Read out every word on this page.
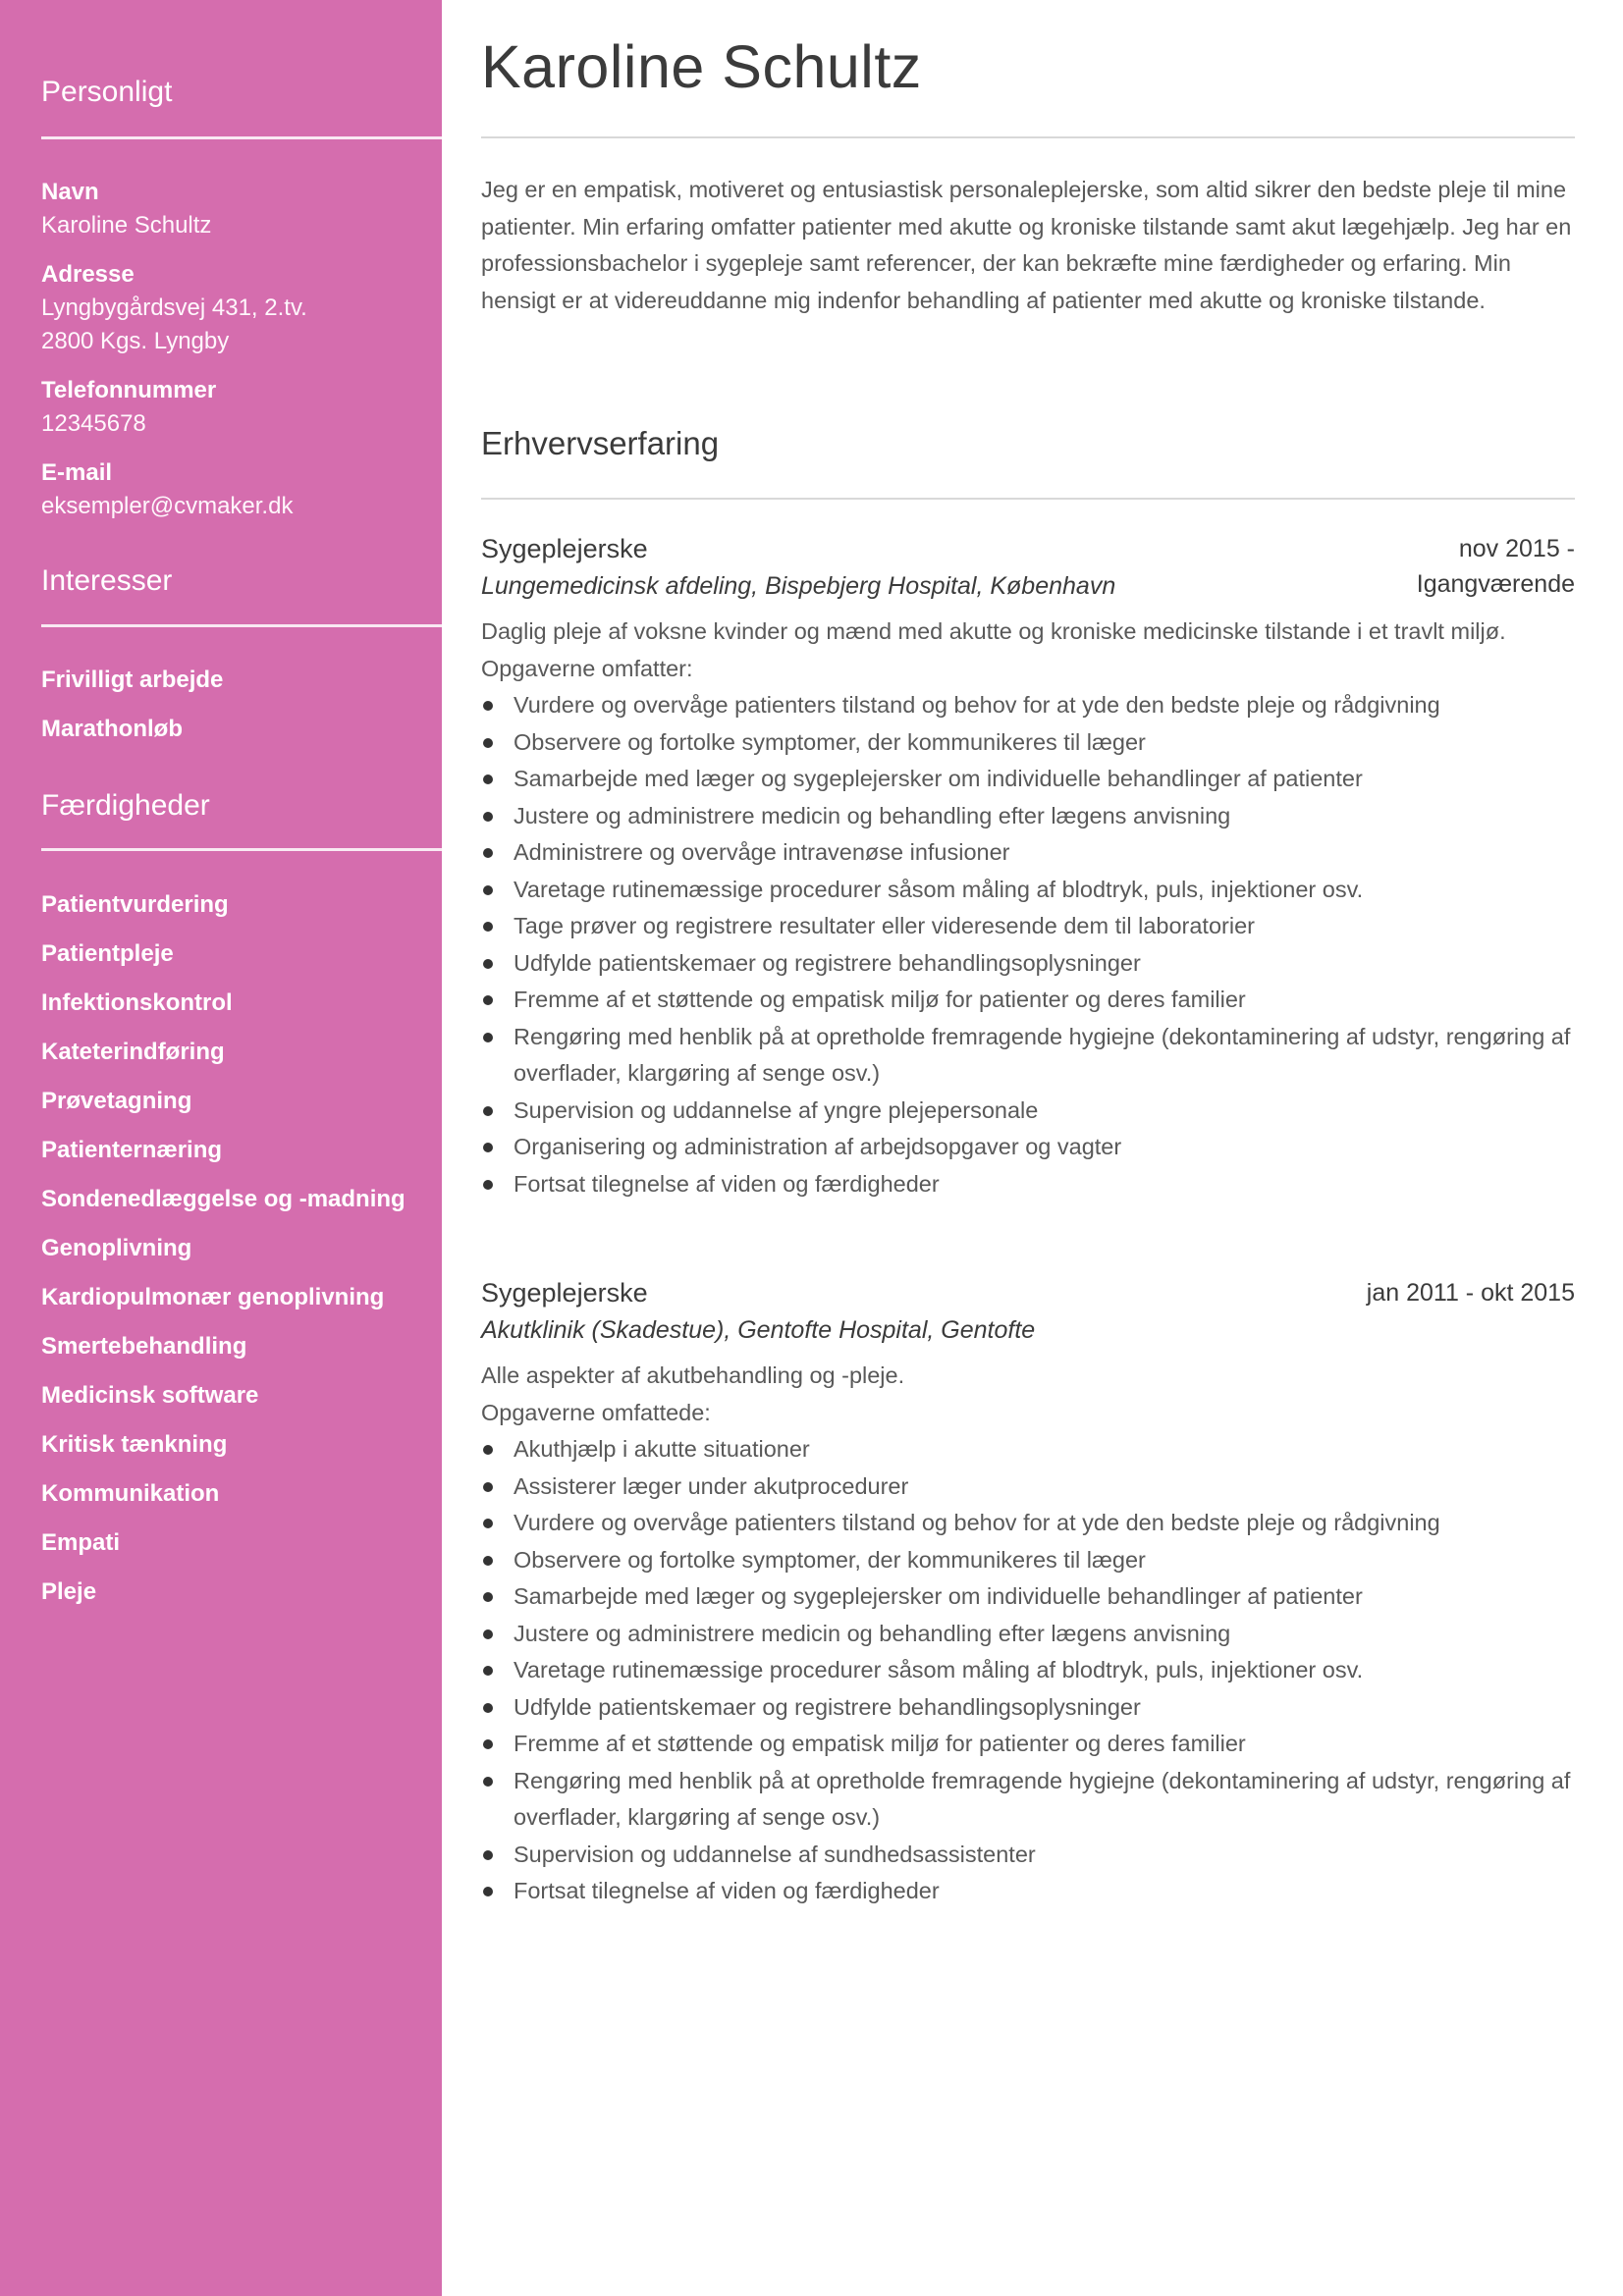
Personligt
Navn
Karoline Schultz
Adresse
Lyngbygårdsvej 431, 2.tv.
2800 Kgs. Lyngby
Telefonnummer
12345678
E-mail
eksempler@cvmaker.dk
Interesser
Frivilligt arbejde
Marathonløb
Færdigheder
Patientvurdering
Patientpleje
Infektionskontrol
Kateterindføring
Prøvetagning
Patienternæring
Sondenedlæggelse og -madning
Genoplivning
Kardiopulmonær genoplivning
Smertebehandling
Medicinsk software
Kritisk tænkning
Kommunikation
Empati
Pleje
Karoline Schultz
Jeg er en empatisk, motiveret og entusiastisk personaleplejerske, som altid sikrer den bedste pleje til mine patienter. Min erfaring omfatter patienter med akutte og kroniske tilstande samt akut lægehjælp. Jeg har en professionsbachelor i sygepleje samt referencer, der kan bekræfte mine færdigheder og erfaring. Min hensigt er at videreuddanne mig indenfor behandling af patienter med akutte og kroniske tilstande.
Erhvervserfaring
Sygeplejerske
Lungemedicinsk afdeling, Bispebjerg Hospital, København
nov 2015 -
Igangværende
Daglig pleje af voksne kvinder og mænd med akutte og kroniske medicinske tilstande i et travlt miljø.
Opgaverne omfatter:
Vurdere og overvåge patienters tilstand og behov for at yde den bedste pleje og rådgivning
Observere og fortolke symptomer, der kommunikeres til læger
Samarbejde med læger og sygeplejersker om individuelle behandlinger af patienter
Justere og administrere medicin og behandling efter lægens anvisning
Administrere og overvåge intravenøse infusioner
Varetage rutinemæssige procedurer såsom måling af blodtryk, puls, injektioner osv.
Tage prøver og registrere resultater eller videresende dem til laboratorier
Udfylde patientskemaer og registrere behandlingsoplysninger
Fremme af et støttende og empatisk miljø for patienter og deres familier
Rengøring med henblik på at opretholde fremragende hygiejne (dekontaminering af udstyr, rengøring af overflader, klargøring af senge osv.)
Supervision og uddannelse af yngre plejepersonale
Organisering og administration af arbejdsopgaver og vagter
Fortsat tilegnelse af viden og færdigheder
Sygeplejerske
Akutklinik (Skadestue), Gentofte Hospital, Gentofte
jan 2011 - okt 2015
Alle aspekter af akutbehandling og -pleje.
Opgaverne omfattede:
Akuthjælp i akutte situationer
Assisterer læger under akutprocedurer
Vurdere og overvåge patienters tilstand og behov for at yde den bedste pleje og rådgivning
Observere og fortolke symptomer, der kommunikeres til læger
Samarbejde med læger og sygeplejersker om individuelle behandlinger af patienter
Justere og administrere medicin og behandling efter lægens anvisning
Varetage rutinemæssige procedurer såsom måling af blodtryk, puls, injektioner osv.
Udfylde patientskemaer og registrere behandlingsoplysninger
Fremme af et støttende og empatisk miljø for patienter og deres familier
Rengøring med henblik på at opretholde fremragende hygiejne (dekontaminering af udstyr, rengøring af overflader, klargøring af senge osv.)
Supervision og uddannelse af sundhedsassistenter
Fortsat tilegnelse af viden og færdigheder
